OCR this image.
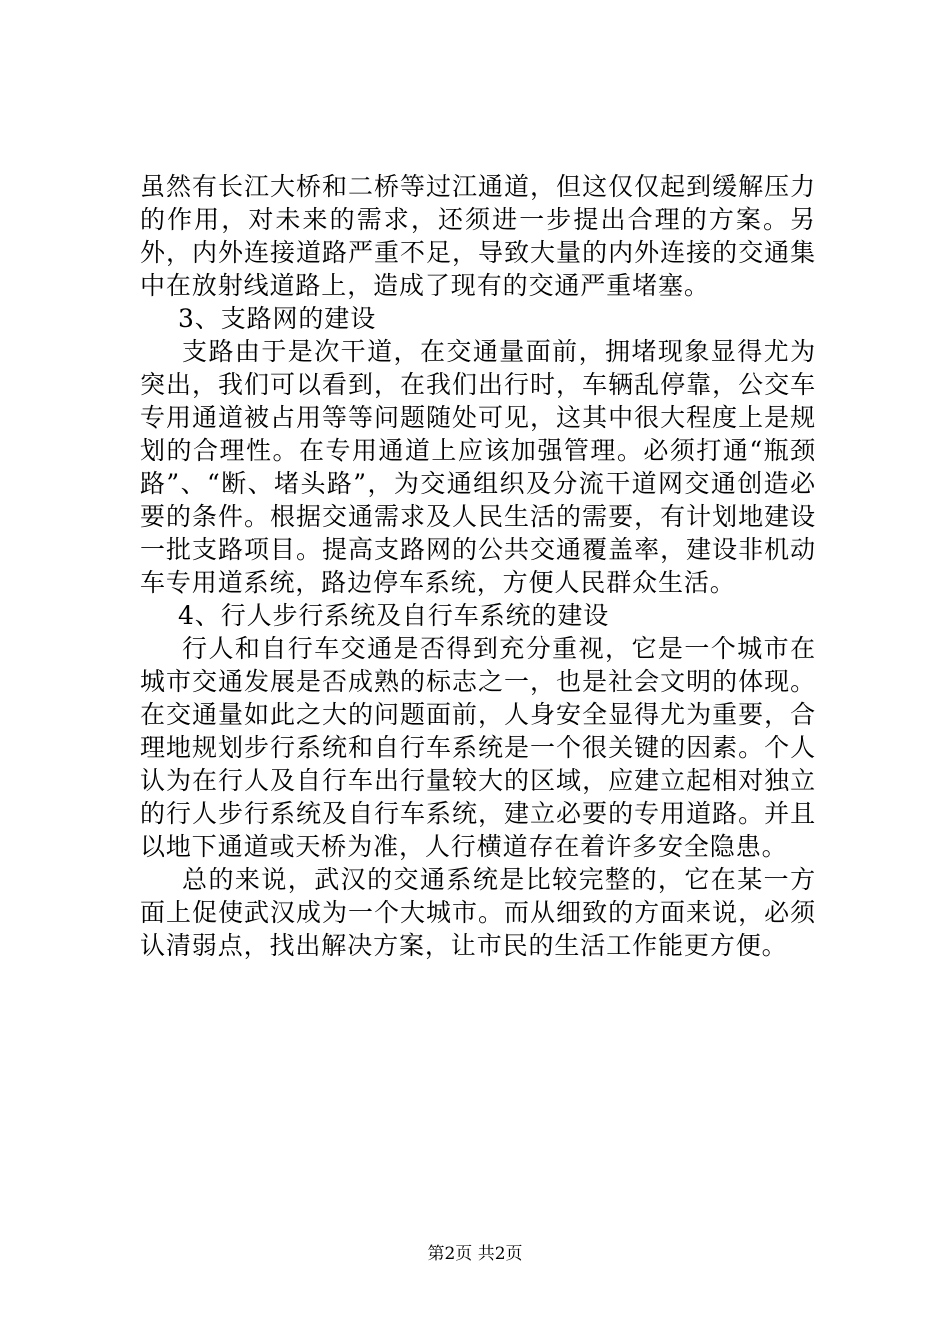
虽然有长江大桥和二桥等过江通道，但这仅仅起到缓解压力的作用，对未来的需求，还须进一步提出合理的方案。另外，内外连接道路严重不足，导致大量的内外连接的交通集中在放射线道路上，造成了现有的交通严重堵塞。

3、支路网的建设

支路由于是次干道，在交通量面前，拥堵现象显得尤为突出，我们可以看到，在我们出行时，车辆乱停靠，公交车专用通道被占用等等问题随处可见，这其中很大程度上是规划的合理性。在专用通道上应该加强管理。必须打通“瓶颈路”、“断、堵头路”，为交通组织及分流干道网交通创造必要的条件。根据交通需求及人民生活的需要，有计划地建设一批支路项目。提高支路网的公共交通覆盖率，建设非机动车专用道系统，路边停车系统，方便人民群众生活。

4、行人步行系统及自行车系统的建设

行人和自行车交通是否得到充分重视，它是一个城市在城市交通发展是否成熟的标志之一，也是社会文明的体现。在交通量如此之大的问题面前，人身安全显得尤为重要，合理地规划步行系统和自行车系统是一个很关键的因素。个人认为在行人及自行车出行量较大的区域，应建立起相对独立的行人步行系统及自行车系统，建立必要的专用道路。并且以地下通道或天桥为准，人行横道存在着许多安全隐患。

总的来说，武汉的交通系统是比较完整的，它在某一方面上促使武汉成为一个大城市。而从细致的方面来说，必须认清弱点，找出解决方案，让市民的生活工作能更方便。

第2页 共2页
